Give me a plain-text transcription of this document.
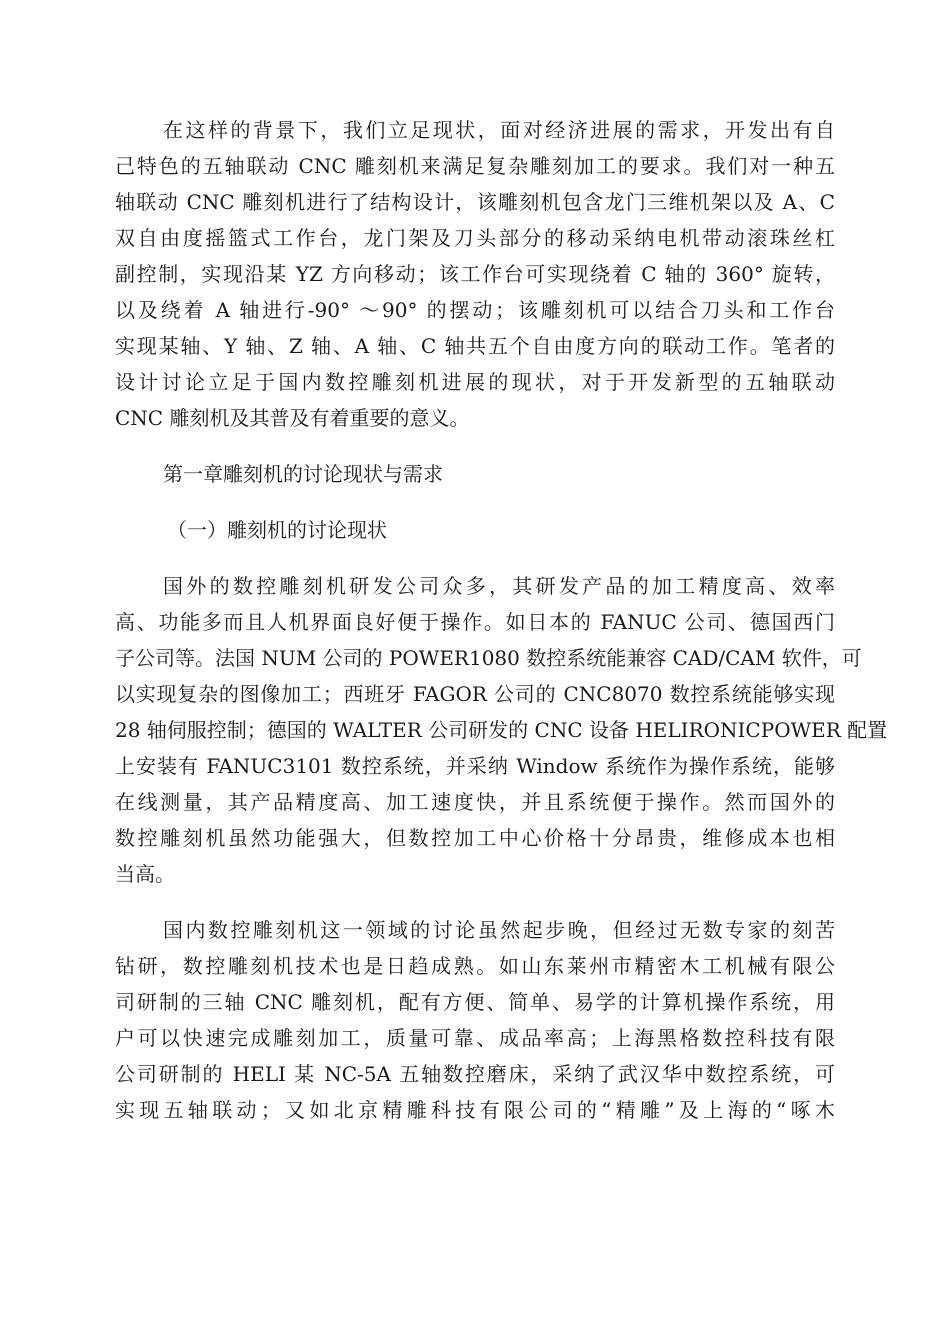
在这样的背景下，我们立足现状，面对经济进展的需求，开发出有自
己特色的五轴联动 CNC 雕刻机来满足复杂雕刻加工的要求。我们对一种五
轴联动 CNC 雕刻机进行了结构设计，该雕刻机包含龙门三维机架以及 A、C
双自由度摇篮式工作台，龙门架及刀头部分的移动采纳电机带动滚珠丝杠
副控制，实现沿某 YZ 方向移动；该工作台可实现绕着 C 轴的 360° 旋转，
以及绕着 A 轴进行-90° ～90° 的摆动；该雕刻机可以结合刀头和工作台
实现某轴、Y 轴、Z 轴、A 轴、C 轴共五个自由度方向的联动工作。笔者的
设计讨论立足于国内数控雕刻机进展的现状，对于开发新型的五轴联动
CNC 雕刻机及其普及有着重要的意义。
第一章雕刻机的讨论现状与需求
（一）雕刻机的讨论现状
国外的数控雕刻机研发公司众多，其研发产品的加工精度高、效率
高、功能多而且人机界面良好便于操作。如日本的 FANUC 公司、德国西门
子公司等。法国 NUM 公司的 POWER1080 数控系统能兼容 CAD/CAM 软件，可
以实现复杂的图像加工；西班牙 FAGOR 公司的 CNC8070 数控系统能够实现
28 轴伺服控制；德国的 WALTER 公司研发的 CNC 设备 HELIRONICPOWER 配置
上安装有 FANUC3101 数控系统，并采纳 Window 系统作为操作系统，能够
在线测量，其产品精度高、加工速度快，并且系统便于操作。然而国外的
数控雕刻机虽然功能强大，但数控加工中心价格十分昂贵，维修成本也相
当高。
国内数控雕刻机这一领域的讨论虽然起步晚，但经过无数专家的刻苦
钻研，数控雕刻机技术也是日趋成熟。如山东莱州市精密木工机械有限公
司研制的三轴 CNC 雕刻机，配有方便、简单、易学的计算机操作系统，用
户可以快速完成雕刻加工，质量可靠、成品率高；上海黑格数控科技有限
公司研制的 HELI 某 NC-5A 五轴数控磨床，采纳了武汉华中数控系统，可
实现五轴联动；又如北京精雕科技有限公司的“精雕”及上海的“啄木
